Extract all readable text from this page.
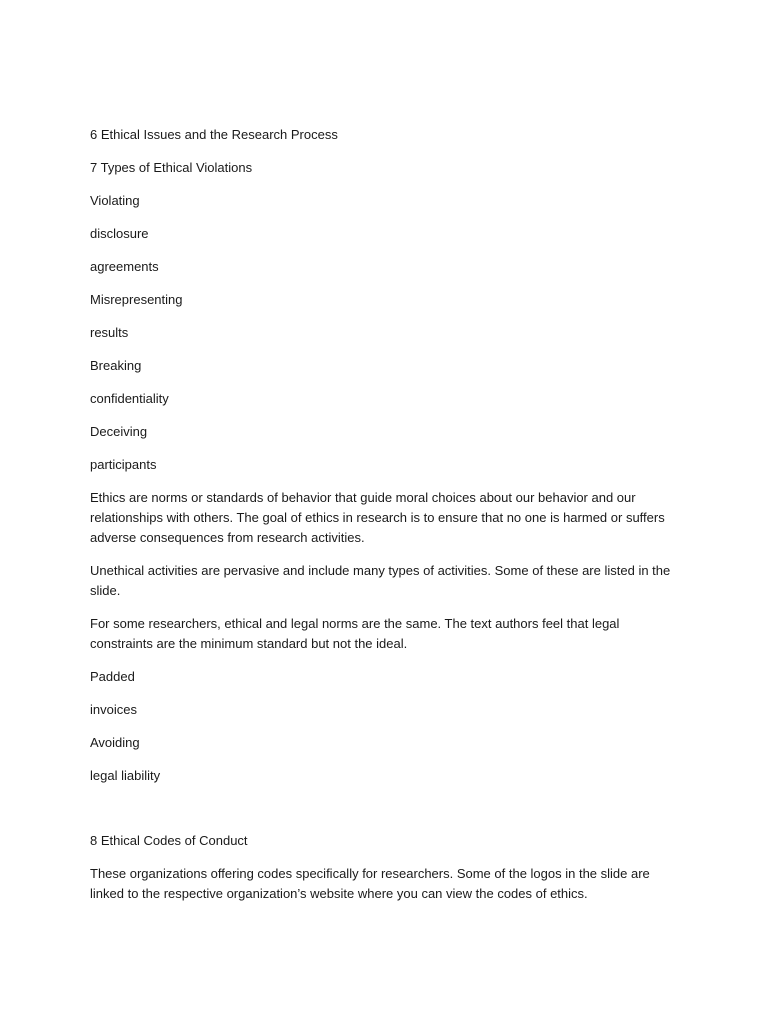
6 Ethical Issues and the Research Process

7 Types of Ethical Violations

Violating

disclosure

agreements

Misrepresenting

results

Breaking

confidentiality

Deceiving

participants

Ethics are norms or standards of behavior that guide moral choices about our behavior and our relationships with others. The goal of ethics in research is to ensure that no one is harmed or suffers adverse consequences from research activities.

Unethical activities are pervasive and include many types of activities. Some of these are listed in the slide.

For some researchers, ethical and legal norms are the same. The text authors feel that legal constraints are the minimum standard but not the ideal.

Padded

invoices

Avoiding

legal liability

8 Ethical Codes of Conduct

These organizations offering codes specifically for researchers. Some of the logos in the slide are linked to the respective organization’s website where you can view the codes of ethics.
